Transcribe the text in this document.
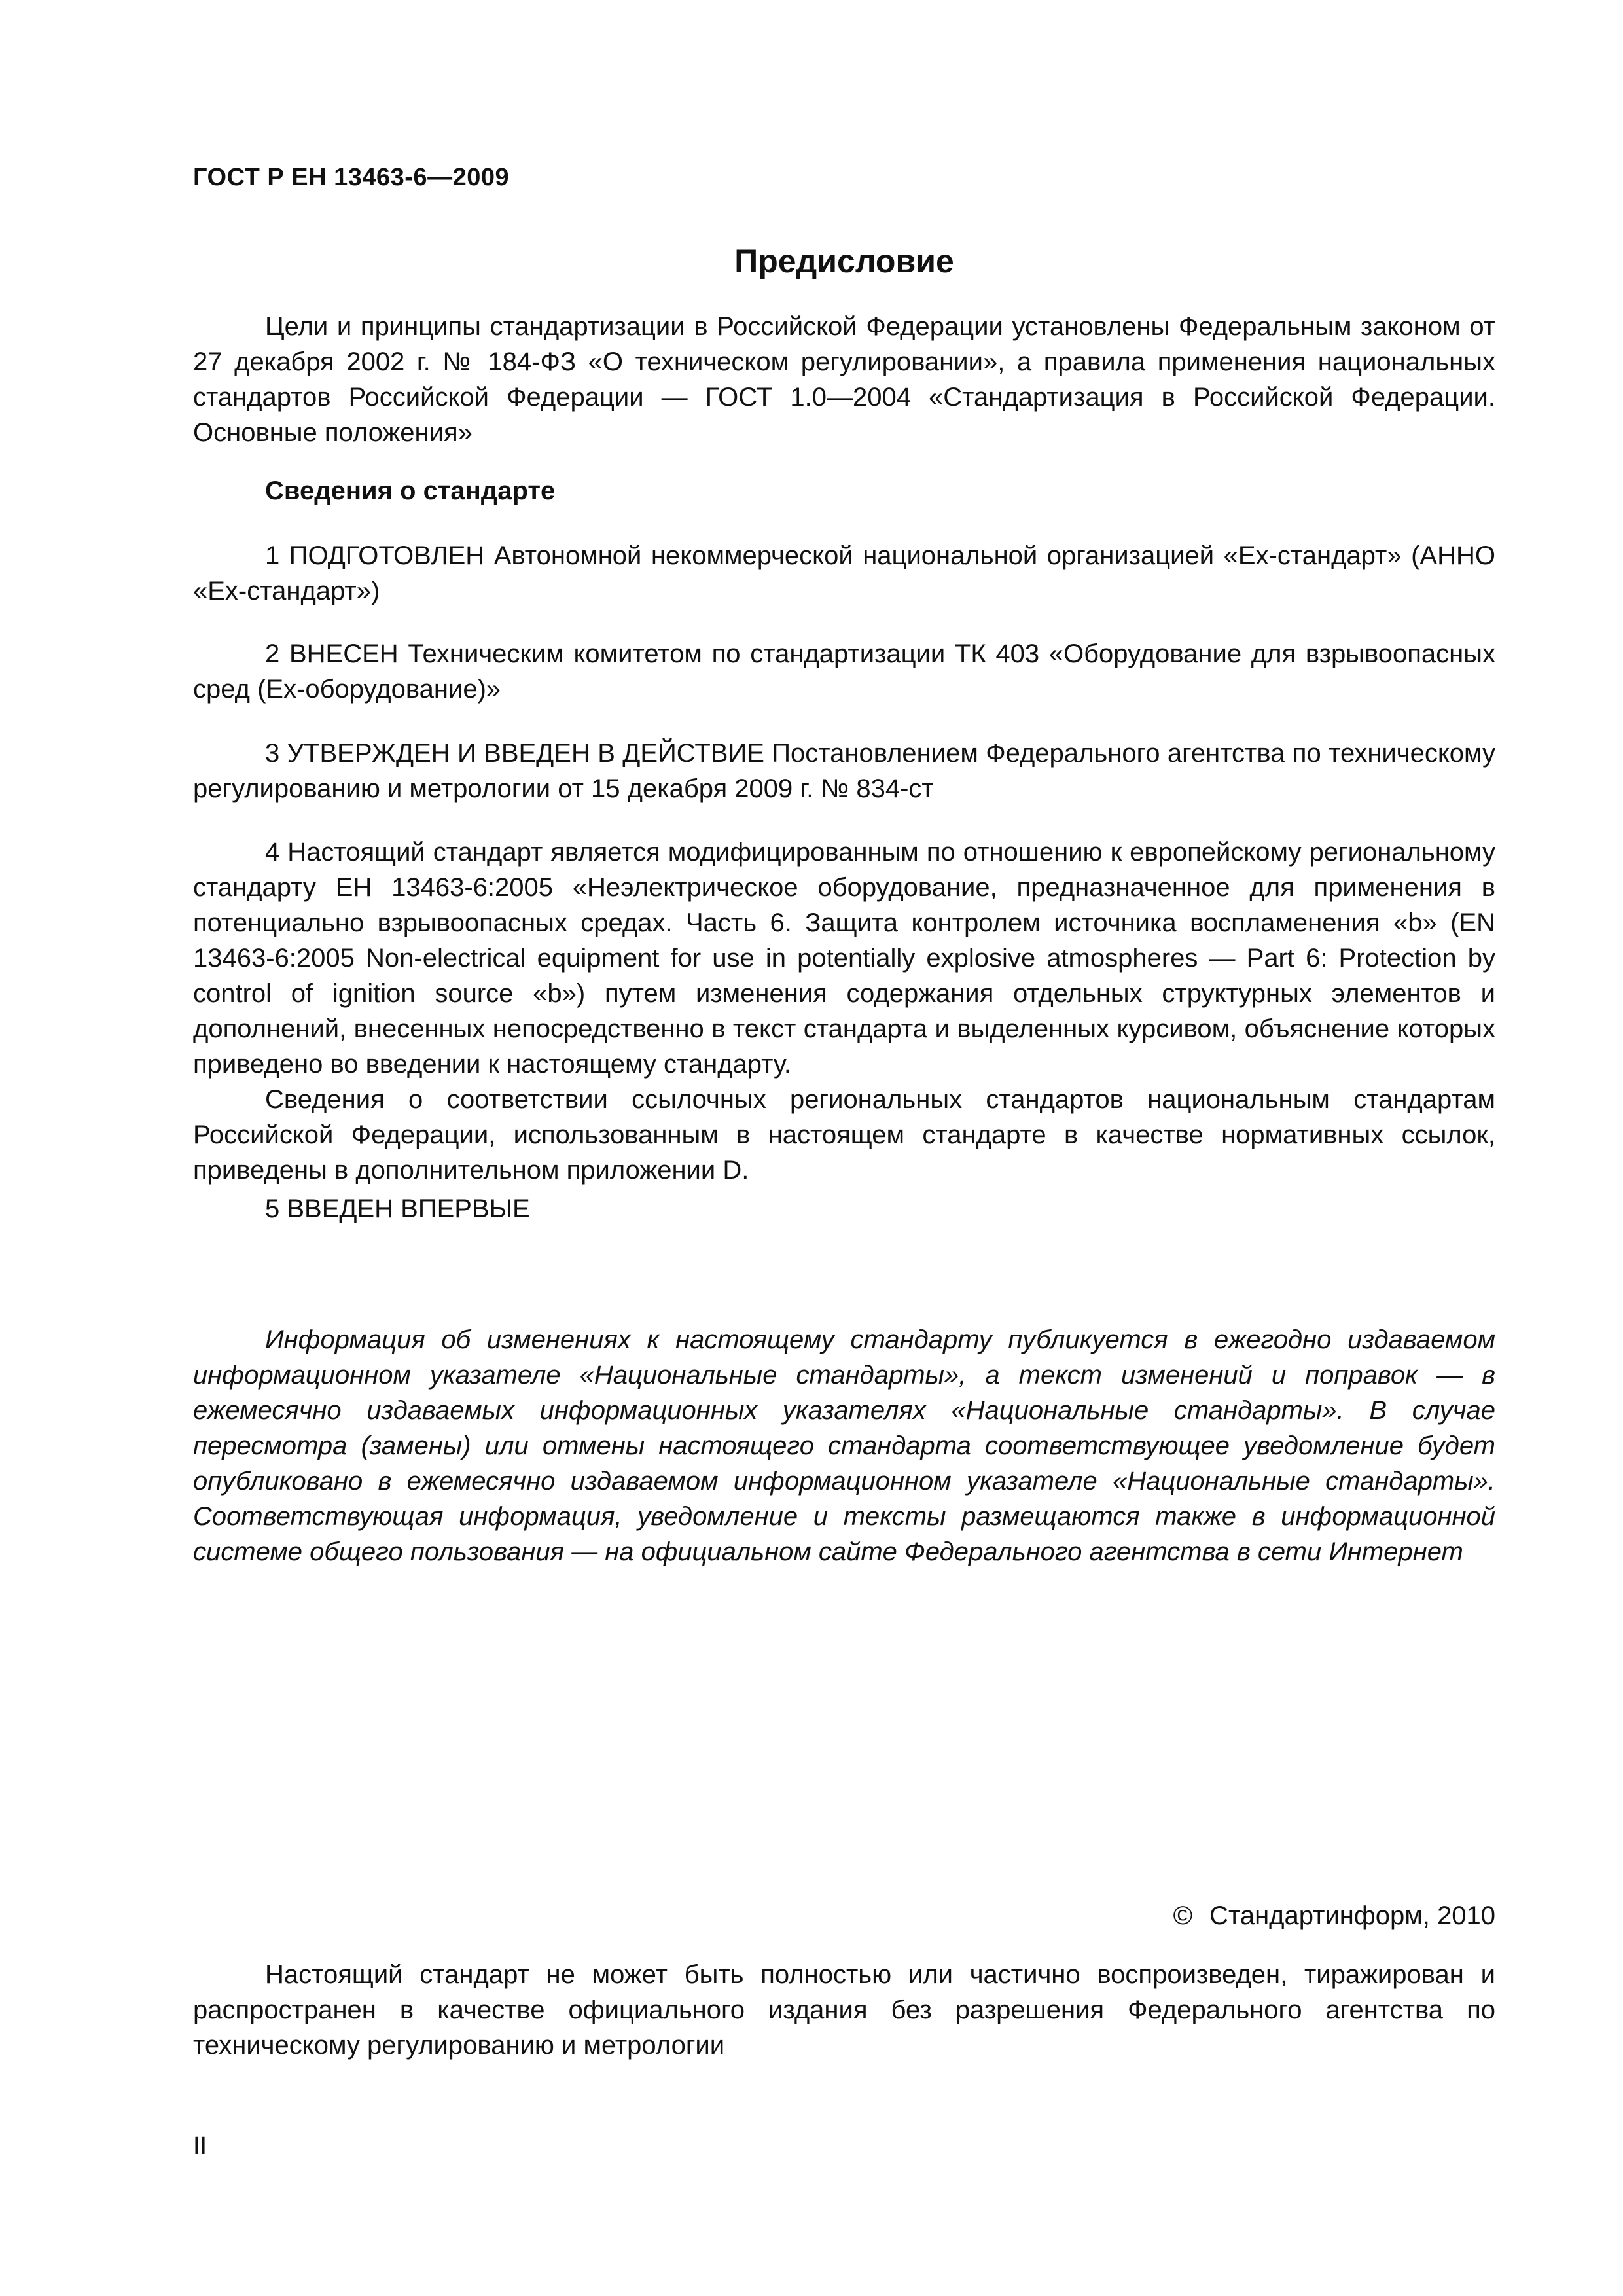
ГОСТ Р ЕН 13463-6—2009
Предисловие

Цели и принципы стандартизации в Российской Федерации установлены Федеральным законом от 27 декабря 2002 г. № 184-ФЗ «О техническом регулировании», а правила применения национальных стандартов Российской Федерации — ГОСТ 1.0—2004 «Стандартизация в Российской Федерации. Основные положения»

Сведения о стандарте

1 ПОДГОТОВЛЕН Автономной некоммерческой национальной организацией «Ех-стандарт» (АННО «Ех-стандарт»)

2 ВНЕСЕН Техническим комитетом по стандартизации ТК 403 «Оборудование для взрывоопасных сред (Ех-оборудование)»

3 УТВЕРЖДЕН И ВВЕДЕН В ДЕЙСТВИЕ Постановлением Федерального агентства по техническому регулированию и метрологии от 15 декабря 2009 г. № 834-ст

4 Настоящий стандарт является модифицированным по отношению к европейскому региональному стандарту ЕН 13463-6:2005 «Неэлектрическое оборудование, предназначенное для применения в потенциально взрывоопасных средах. Часть 6. Защита контролем источника воспламенения «b» (EN 13463-6:2005 Non-electrical equipment for use in potentially explosive atmospheres — Part 6: Protection by control of ignition source «b») путем изменения содержания отдельных структурных элементов и дополнений, внесенных непосредственно в текст стандарта и выделенных курсивом, объяснение которых приведено во введении к настоящему стандарту.

Сведения о соответствии ссылочных региональных стандартов национальным стандартам Российской Федерации, использованным в настоящем стандарте в качестве нормативных ссылок, приведены в дополнительном приложении D.

5 ВВЕДЕН ВПЕРВЫЕ

Информация об изменениях к настоящему стандарту публикуется в ежегодно издаваемом информационном указателе «Национальные стандарты», а текст изменений и поправок — в ежемесячно издаваемых информационных указателях «Национальные стандарты». В случае пересмотра (замены) или отмены настоящего стандарта соответствующее уведомление будет опубликовано в ежемесячно издаваемом информационном указателе «Национальные стандарты». Соответствующая информация, уведомление и тексты размещаются также в информационной системе общего пользования — на официальном сайте Федерального агентства в сети Интернет

© Стандартинформ, 2010

Настоящий стандарт не может быть полностью или частично воспроизведен, тиражирован и распространен в качестве официального издания без разрешения Федерального агентства по техническому регулированию и метрологии

II
